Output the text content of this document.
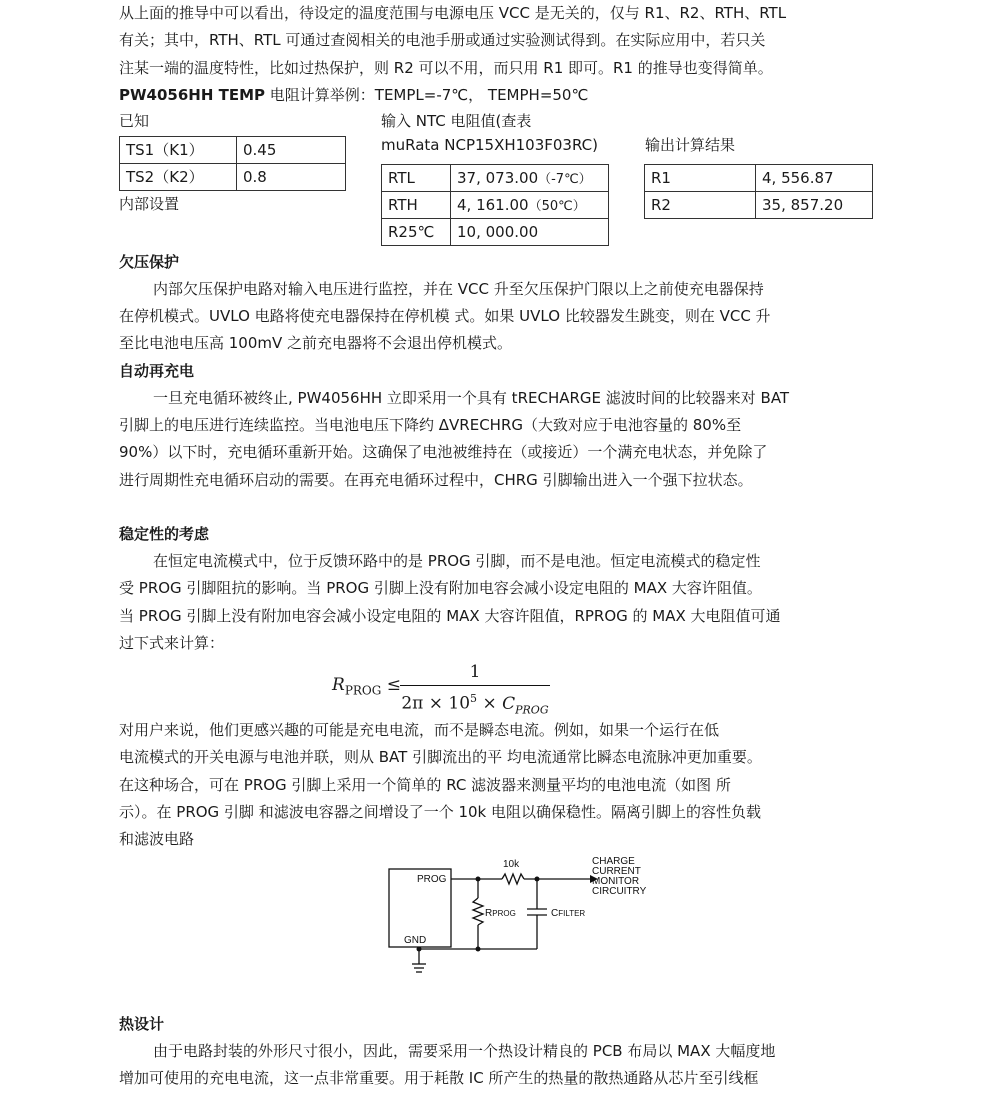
从上面的推导中可以看出，待设定的温度范围与电源电压 VCC 是无关的，仅与 R1、R2、RTH、RTL

有关；其中，RTH、RTL 可通过查阅相关的电池手册或通过实验测试得到。在实际应用中，若只关

注某一端的温度特性，比如过热保护，则 R2 可以不用，而只用 R1 即可。R1 的推导也变得简单。

PW4056HH TEMP 电阻计算举例：TEMPL=-7℃， TEMPH=50℃

已知
TS1（K1）	0.45
TS2（K2）	0.8
内部设置
输入 NTC 电阻值(查表
muRata NCP15XH103F03RC)
RTL	37, 073.00（-7℃）
RTH	4, 161.00（50℃）
R25℃	10, 000.00
输出计算结果
R1	4, 556.87
R2	35, 857.20

欠压保护

内部欠压保护电路对输入电压进行监控，并在 VCC 升至欠压保护门限以上之前使充电器保持

在停机模式。UVLO 电路将使充电器保持在停机模 式。如果 UVLO 比较器发生跳变，则在 VCC 升

至比电池电压高 100mV 之前充电器将不会退出停机模式。

自动再充电

一旦充电循环被终止, PW4056HH 立即采用一个具有 tRECHARGE 滤波时间的比较器来对 BAT

引脚上的电压进行连续监控。当电池电压下降约 ΔVRECHRG（大致对应于电池容量的 80%至

90%）以下时，充电循环重新开始。这确保了电池被维持在（或接近）一个满充电状态，并免除了

进行周期性充电循环启动的需要。在再充电循环过程中，CHRG 引脚输出进入一个强下拉状态。

稳定性的考虑

在恒定电流模式中，位于反馈环路中的是 PROG 引脚，而不是电池。恒定电流模式的稳定性

受 PROG 引脚阻抗的影响。当 PROG 引脚上没有附加电容会减小设定电阻的 MAX 大容许阻值。

当 PROG 引脚上没有附加电容会减小设定电阻的 MAX 大容许阻值，RPROG 的 MAX 大电阻值可通

过下式来计算：

$R_{PROG}$ ≤
1
$2\pi \times 10^5 \times C_{PROG}$

对用户来说，他们更感兴趣的可能是充电电流，而不是瞬态电流。例如，如果一个运行在低

电流模式的开关电源与电池并联，则从 BAT 引脚流出的平 均电流通常比瞬态电流脉冲更加重要。

在这种场合，可在 PROG 引脚上采用一个简单的 RC 滤波器来测量平均的电池电流（如图 所

示）。在 PROG 引脚 和滤波电容器之间增设了一个 10k 电阻以确保稳性。隔离引脚上的容性负载

和滤波电路

PROG
GND
10k
RPROG	CFILTER
CHARGE
CURRENT
MONITOR
CIRCUITRY

热设计

由于电路封装的外形尺寸很小，因此，需要采用一个热设计精良的 PCB 布局以 MAX 大幅度地

增加可使用的充电电流，这一点非常重要。用于耗散 IC 所产生的热量的散热通路从芯片至引线框
